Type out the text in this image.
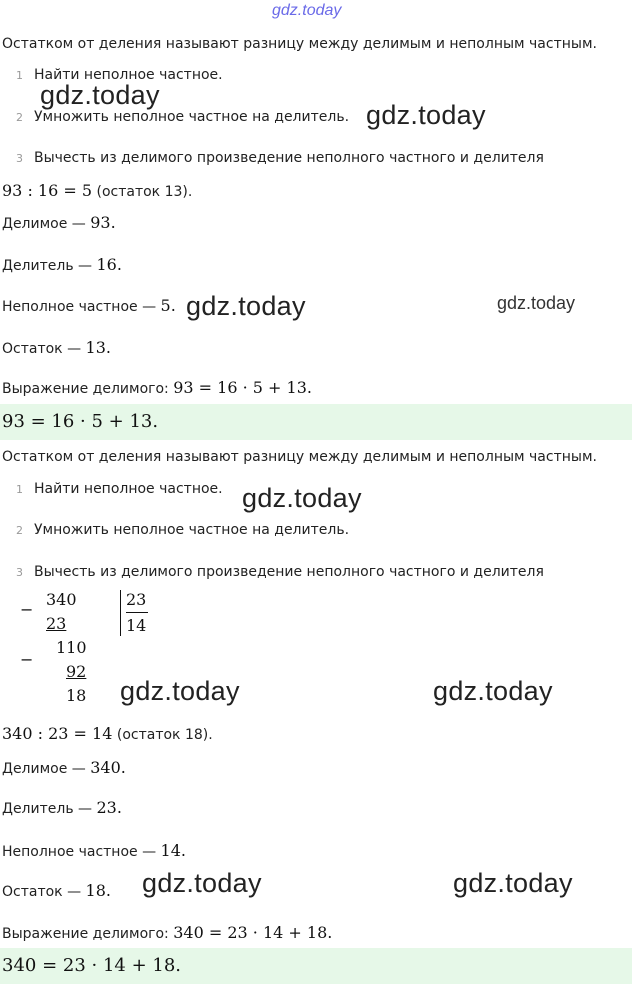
gdz.today
Остатком от деления называют разницу между делимым и неполным частным.
1 Найти неполное частное.
2 Умножить неполное частное на делитель.
3 Вычесть из делимого произведение неполного частного и делителя
93 : 16 = 5 (остаток 13).
Делимое — 93.
Делитель — 16.
Неполное частное — 5.
Остаток — 13.
Выражение делимого: 93 = 16 · 5 + 13.
93 = 16 · 5 + 13.
Остатком от деления называют разницу между делимым и неполным частным.
1 Найти неполное частное.
2 Умножить неполное частное на делитель.
3 Вычесть из делимого произведение неполного частного и делителя
−
340
23
23
14
−
110
92
18
340 : 23 = 14 (остаток 18).
Делимое — 340.
Делитель — 23.
Неполное частное — 14.
Остаток — 18.
Выражение делимого: 340 = 23 · 14 + 18.
340 = 23 · 14 + 18.
gdz.today
gdz.today
gdz.today	gdz.today
gdz.today
gdz.today	gdz.today
gdz.today	gdz.today
